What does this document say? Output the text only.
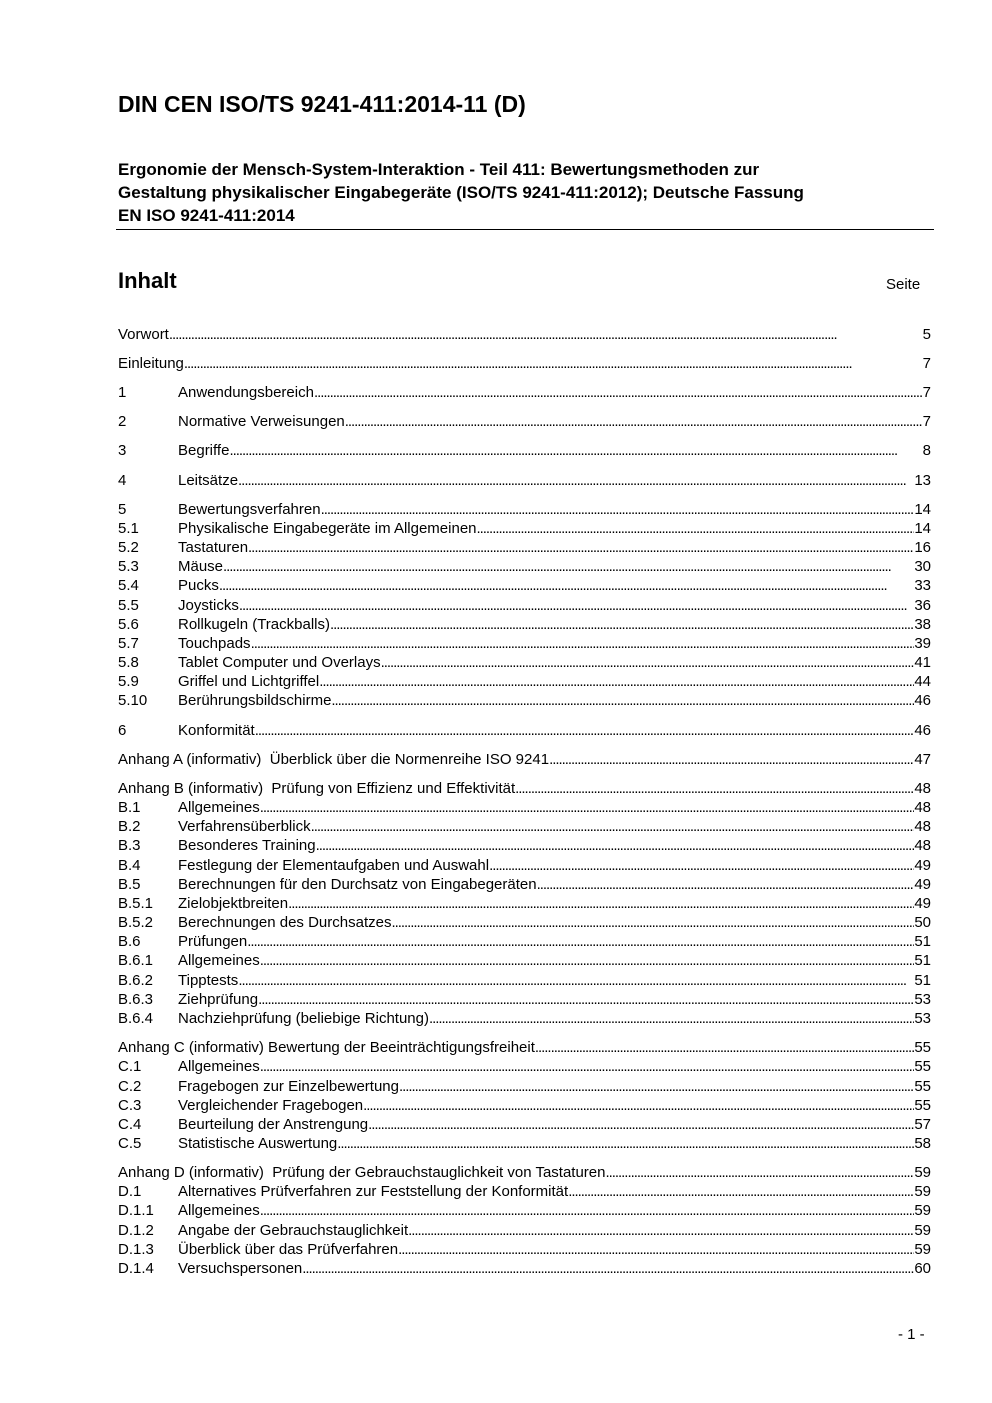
DIN CEN ISO/TS 9241-411:2014-11 (D)
Ergonomie der Mensch-System-Interaktion - Teil 411: Bewertungsmethoden zur
Gestaltung physikalischer Eingabegeräte (ISO/TS 9241-411:2012); Deutsche Fassung
EN ISO 9241-411:2014
Inhalt	Seite
Vorwort . . .	5
Einleitung . . .	7
1	Anwendungsbereich . . .	7
2	Normative Verweisungen . . .	7
3	Begriffe . . .	8
4	Leitsätze . . .	13
5	Bewertungsverfahren . . .	14
5.1	Physikalische Eingabegeräte im Allgemeinen . . .	14
5.2	Tastaturen . . .	16
5.3	Mäuse . . .	30
5.4	Pucks . . .	33
5.5	Joysticks . . .	36
5.6	Rollkugeln (Trackballs) . . .	38
5.7	Touchpads . . .	39
5.8	Tablet Computer und Overlays . . .	41
5.9	Griffel und Lichtgriffel . . .	44
5.10	Berührungsbildschirme . . .	46
6	Konformität . . .	46
Anhang A (informativ)  Überblick über die Normenreihe ISO 9241 . . .	47
Anhang B (informativ)  Prüfung von Effizienz und Effektivität . . .	48
B.1	Allgemeines . . .	48
B.2	Verfahrensüberblick . . .	48
B.3	Besonderes Training . . .	48
B.4	Festlegung der Elementaufgaben und Auswahl . . .	49
B.5	Berechnungen für den Durchsatz von Eingabegeräten . . .	49
B.5.1	Zielobjektbreiten . . .	49
B.5.2	Berechnungen des Durchsatzes . . .	50
B.6	Prüfungen . . .	51
B.6.1	Allgemeines . . .	51
B.6.2	Tipptests . . .	51
B.6.3	Ziehprüfung . . .	53
B.6.4	Nachziehprüfung (beliebige Richtung) . . .	53
Anhang C (informativ) Bewertung der Beeinträchtigungsfreiheit . . .	55
C.1	Allgemeines . . .	55
C.2	Fragebogen zur Einzelbewertung . . .	55
C.3	Vergleichender Fragebogen . . .	55
C.4	Beurteilung der Anstrengung . . .	57
C.5	Statistische Auswertung . . .	58
Anhang D (informativ)  Prüfung der Gebrauchstauglichkeit von Tastaturen . . .	59
D.1	Alternatives Prüfverfahren zur Feststellung der Konformität . . .	59
D.1.1	Allgemeines . . .	59
D.1.2	Angabe der Gebrauchstauglichkeit . . .	59
D.1.3	Überblick über das Prüfverfahren . . .	59
D.1.4	Versuchspersonen . . .	60
- 1 -
